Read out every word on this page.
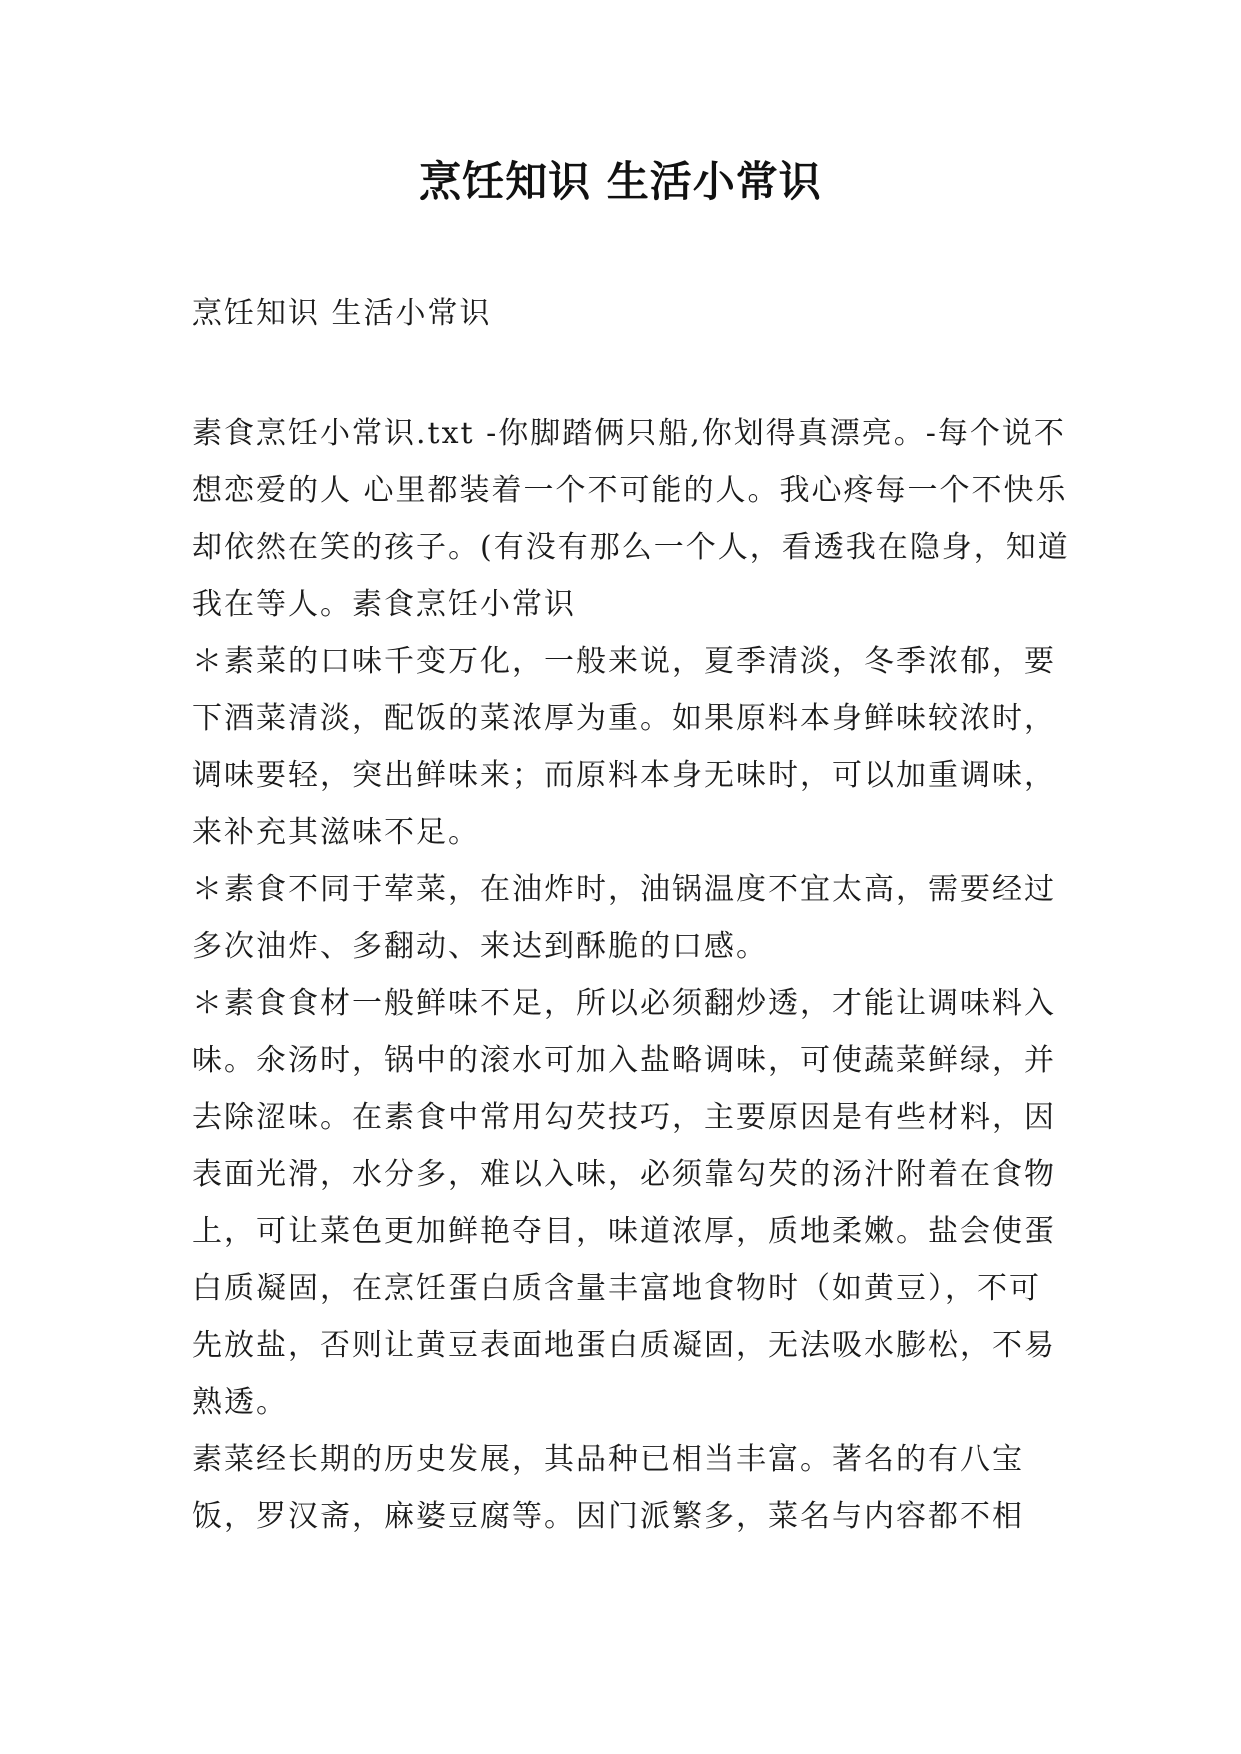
烹饪知识 生活小常识
烹饪知识 生活小常识

素食烹饪小常识.txt -你脚踏俩只船,你划得真漂亮。-每个说不想恋爱的人 心里都装着一个不可能的人。我心疼每一个不快乐却依然在笑的孩子。(有没有那么一个人，看透我在隐身，知道我在等人。素食烹饪小常识

＊素菜的口味千变万化，一般来说，夏季清淡，冬季浓郁，要下酒菜清淡，配饭的菜浓厚为重。如果原料本身鲜味较浓时，调味要轻，突出鲜味来；而原料本身无味时，可以加重调味，来补充其滋味不足。

＊素食不同于荤菜，在油炸时，油锅温度不宜太高，需要经过多次油炸、多翻动、来达到酥脆的口感。

＊素食食材一般鲜味不足，所以必须翻炒透，才能让调味料入味。氽汤时，锅中的滚水可加入盐略调味，可使蔬菜鲜绿，并去除涩味。在素食中常用勾芡技巧，主要原因是有些材料，因表面光滑，水分多，难以入味，必须靠勾芡的汤汁附着在食物上，可让菜色更加鲜艳夺目，味道浓厚，质地柔嫩。盐会使蛋白质凝固，在烹饪蛋白质含量丰富地食物时（如黄豆），不可先放盐，否则让黄豆表面地蛋白质凝固，无法吸水膨松，不易熟透。

素菜经长期的历史发展，其品种已相当丰富。著名的有八宝饭，罗汉斋，麻婆豆腐等。因门派繁多，菜名与内容都不相
